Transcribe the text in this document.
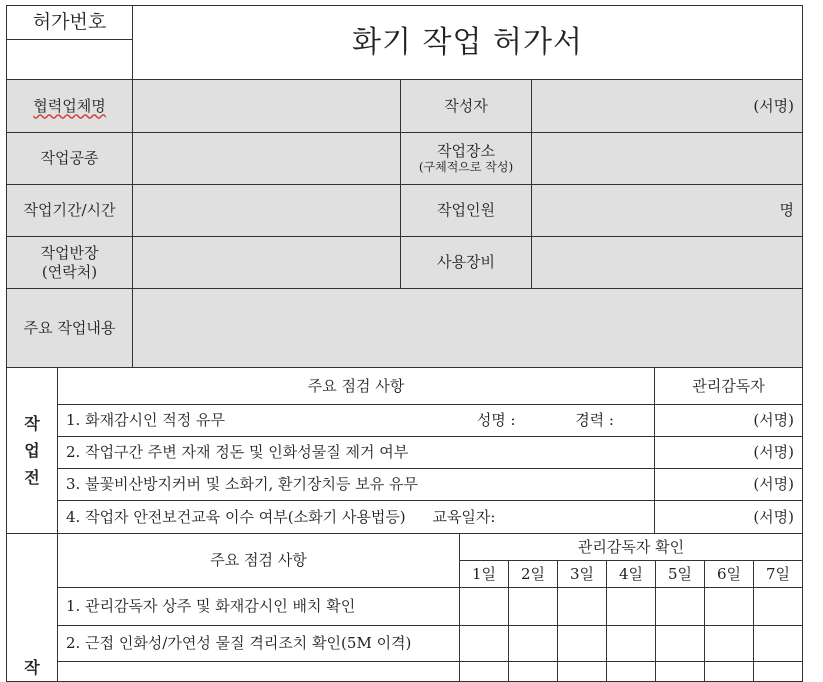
허가번호	화기 작업 허가서

협력업체명		작성자	(서명)
작업공종		작업장소
(구체적으로 작성)	

작업기간/시간		작업인원	명

작업반장
(연락처)		사용장비	
주요 작업내용			
작
업
전	주요 점검 사항	관리감독자

	1. 화재감시인 적정 유무 성명 : 경력 :	(서명)
	2. 작업구간 주변 자재 정돈 및 인화성물질 제거 여부	(서명)
	3. 불꽃비산방지커버 및 소화기, 환기장치등 보유 유무	(서명)

	4. 작업자 안전보건교육 이수 여부(소화기 사용법등) 교육일자:	(서명)
작	주요 점검 사항	관리감독자 확인						
		1일	2일	3일	4일	5일	6일	7일
	1. 관리감독자 상주 및 화재감시인 배치 확인							
	2. 근접 인화성/가연성 물질 격리조치 확인(5M 이격)							
